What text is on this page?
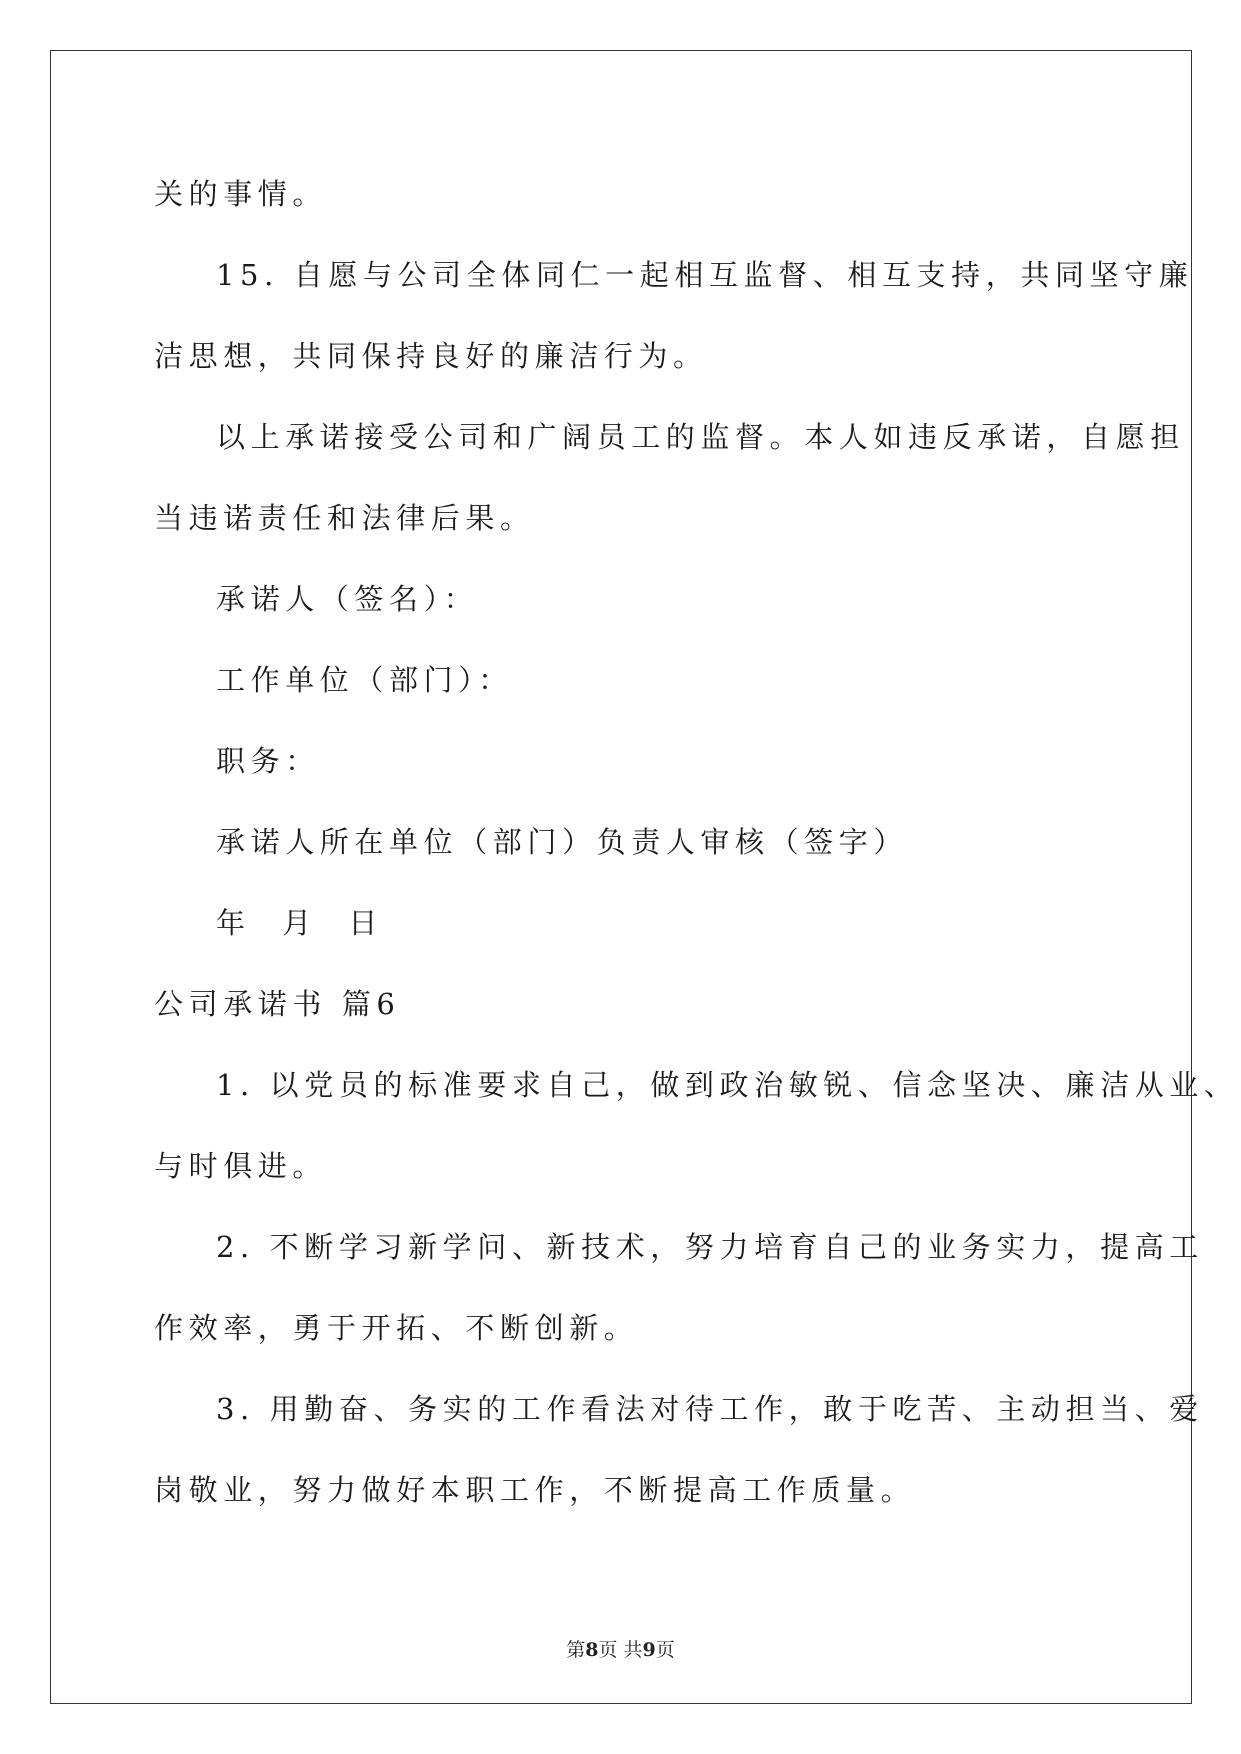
关的事情。
15. 自愿与公司全体同仁一起相互监督、相互支持，共同坚守廉
洁思想，共同保持良好的廉洁行为。
以上承诺接受公司和广阔员工的监督。本人如违反承诺，自愿担
当违诺责任和法律后果。
承诺人（签名）：
工作单位（部门）：
职务：
承诺人所在单位（部门）负责人审核（签字）
年 月 日
公司承诺书 篇6
1. 以党员的标准要求自己，做到政治敏锐、信念坚决、廉洁从业、
与时俱进。
2. 不断学习新学问、新技术，努力培育自己的业务实力，提高工
作效率，勇于开拓、不断创新。
3. 用勤奋、务实的工作看法对待工作，敢于吃苦、主动担当、爱
岗敬业，努力做好本职工作，不断提高工作质量。
第8页 共9页
